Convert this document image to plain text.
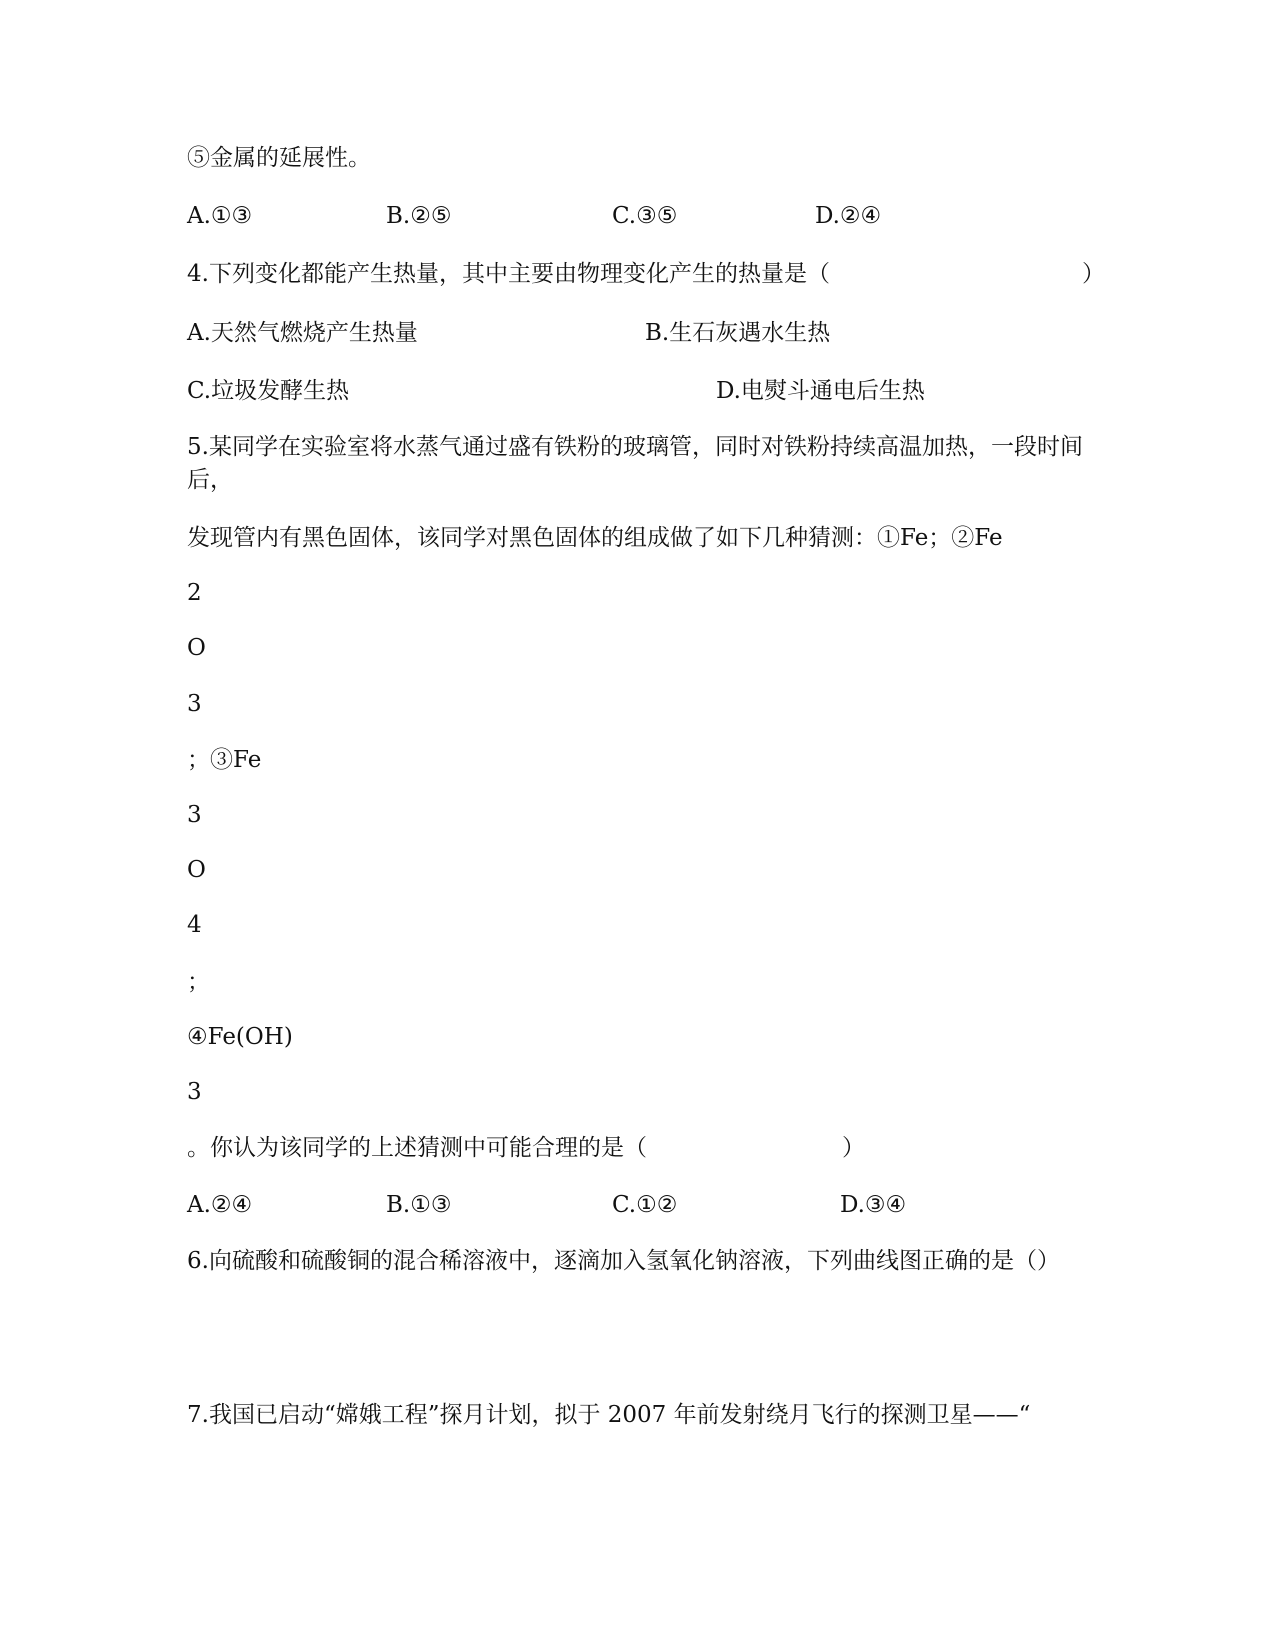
⑤金属的延展性。
A.①③	B.②⑤	C.③⑤	D.②④
4.下列变化都能产生热量，其中主要由物理变化产生的热量是（	）
A.天然气燃烧产生热量	B.生石灰遇水生热
C.垃圾发酵生热	D.电熨斗通电后生热
5.某同学在实验室将水蒸气通过盛有铁粉的玻璃管，同时对铁粉持续高温加热，一段时间后，
发现管内有黑色固体，该同学对黑色固体的组成做了如下几种猜测：①Fe；②Fe
2
O
3
；③Fe
3
O
4
；
④Fe(OH)
3
。你认为该同学的上述猜测中可能合理的是（	）
A.②④	B.①③	C.①②	D.③④
6.向硫酸和硫酸铜的混合稀溶液中，逐滴加入氢氧化钠溶液，下列曲线图正确的是（）
7.我国已启动“嫦娥工程”探月计划，拟于 2007 年前发射绕月飞行的探测卫星——“
